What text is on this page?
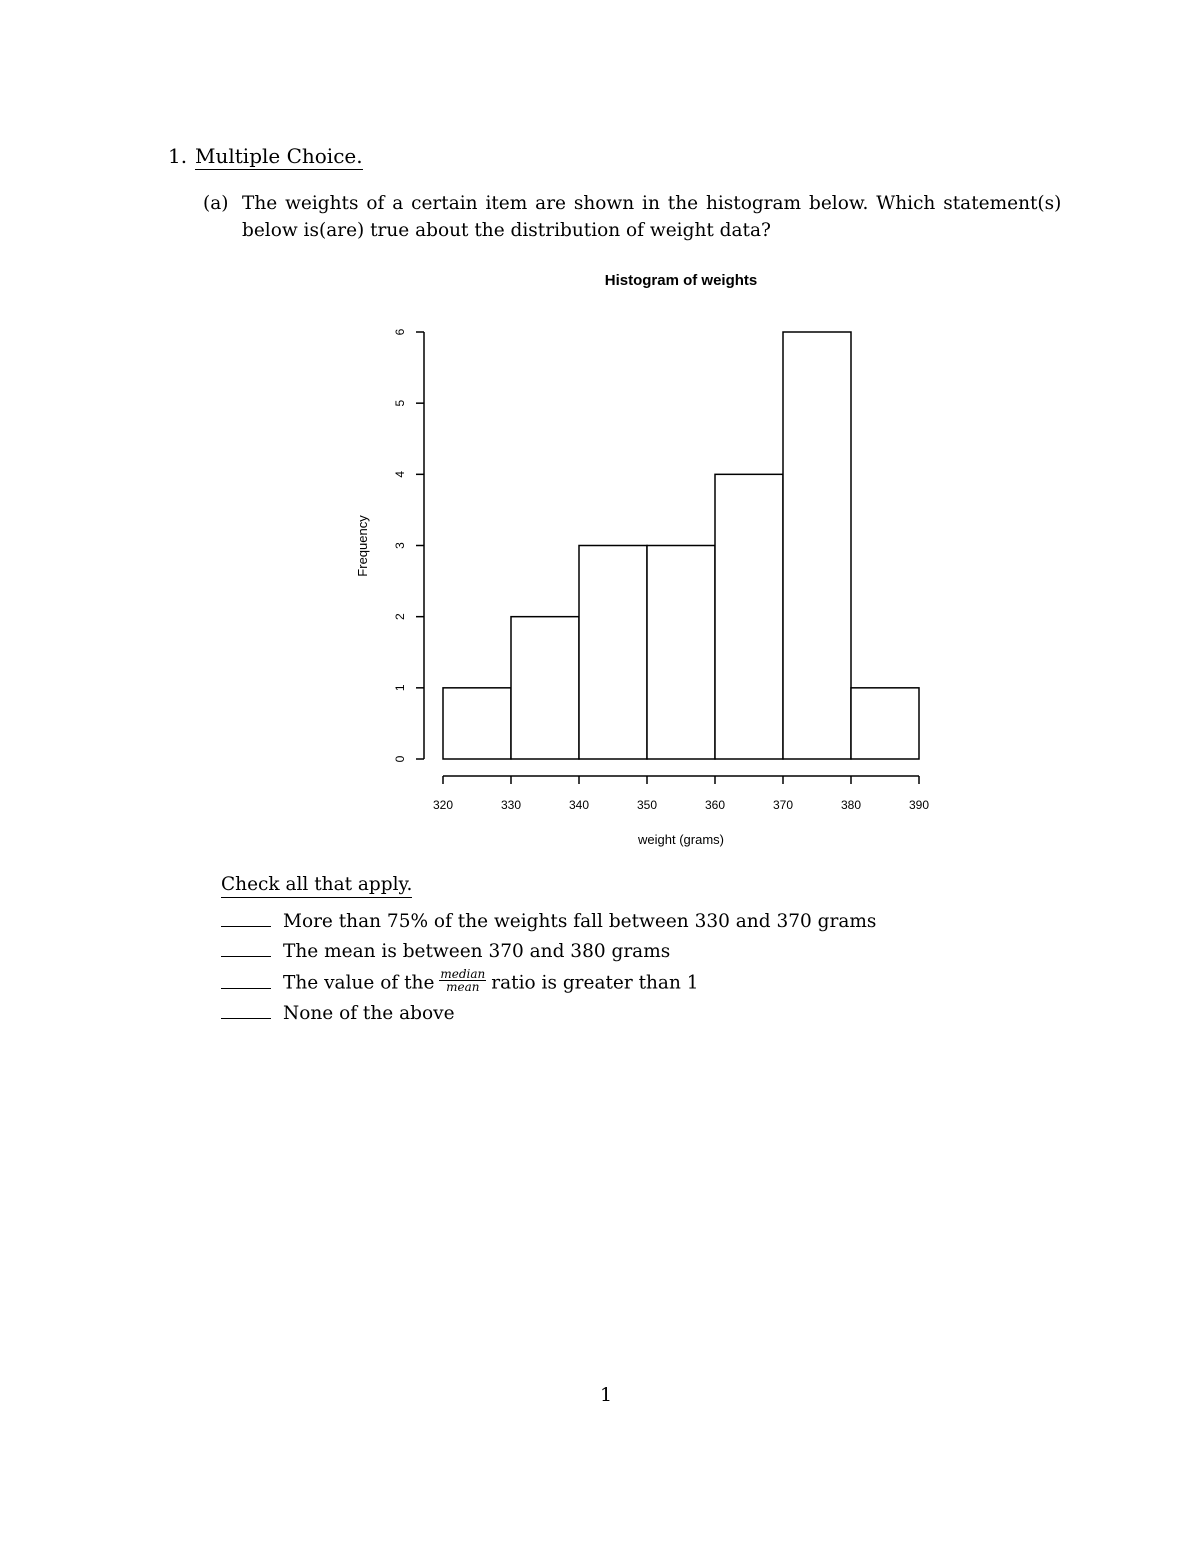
1. Multiple Choice.
(a) The weights of a certain item are shown in the histogram below. Which statement(s)
below is(are) true about the distribution of weight data?
Histogram of weights
Frequency
weight (grams)
0
1
2
3
4
5
6
320	330	340	350	360	370	380	390
Check all that apply.
More than 75% of the weights fall between 330 and 370 grams
The mean is between 370 and 380 grams
The value of the $\frac{\text{median}}{\text{mean}}$ ratio is greater than 1
None of the above
1
